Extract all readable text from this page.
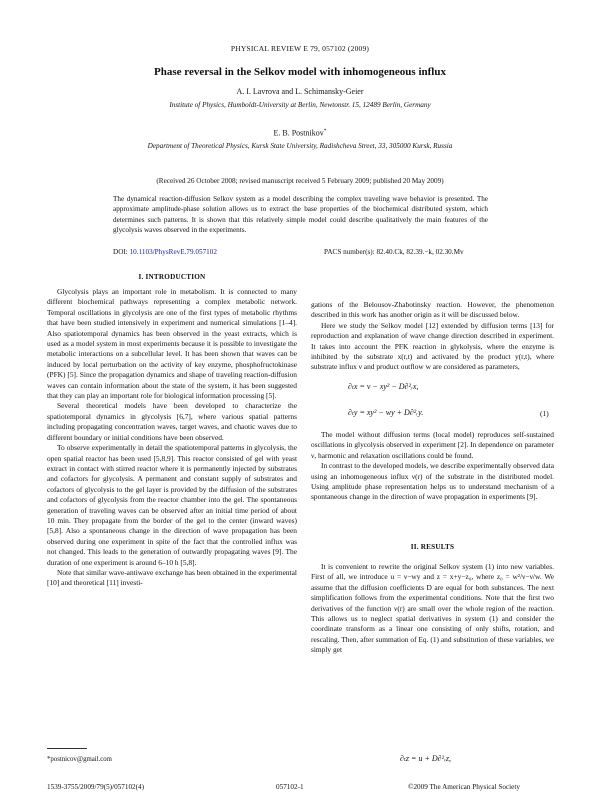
PHYSICAL REVIEW E 79, 057102 (2009)
Phase reversal in the Selkov model with inhomogeneous influx
A. I. Lavrova and L. Schimansky-Geier
Institute of Physics, Humboldt-University at Berlin, Newtonstr. 15, 12489 Berlin, Germany
E. B. Postnikov*
Department of Theoretical Physics, Kursk State University, Radishcheva Street, 33, 305000 Kursk, Russia
(Received 26 October 2008; revised manuscript received 5 February 2009; published 20 May 2009)
The dynamical reaction-diffusion Selkov system as a model describing the complex traveling wave behavior is presented. The approximate amplitude-phase solution allows us to extract the base properties of the biochemical distributed system, which determines such patterns. It is shown that this relatively simple model could describe qualitatively the main features of the glycolysis waves observed in the experiments.
DOI: 10.1103/PhysRevE.79.057102	PACS number(s): 82.40.Ck, 82.39.−k, 02.30.Mv
I. INTRODUCTION

Glycolysis plays an important role in metabolism. It is connected to many different biochemical pathways representing a complex metabolic network. Temporal oscillations in glycolysis are one of the first types of metabolic rhythms that have been studied intensively in experiment and numerical simulations [1–4]. Also spatiotemporal dynamics has been observed in the yeast extracts, which is used as a model system in most experiments because it is possible to investigate the metabolic interactions on a subcellular level. It has been shown that waves can be induced by local perturbation on the activity of key enzyme, phosphofructokinase (PFK) [5]. Since the propagation dynamics and shape of traveling reaction-diffusion waves can contain information about the state of the system, it has been suggested that they can play an important role for biological information processing [5].

Several theoretical models have been developed to characterize the spatiotemporal dynamics in glycolysis [6,7], where various spatial patterns including propagating concentration waves, target waves, and chaotic waves due to different boundary or initial conditions have been observed.

To observe experimentally in detail the spatiotemporal patterns in glycolysis, the open spatial reactor has been used [5,8,9]. This reactor consisted of gel with yeast extract in contact with stirred reactor where it is permanently injected by substrates and cofactors for glycolysis. A permanent and constant supply of substrates and cofactors of glycolysis to the gel layer is provided by the diffusion of the substrates and cofactors of glycolysis from the reactor chamber into the gel. The spontaneous generation of traveling waves can be observed after an initial time period of about 10 min. They propagate from the border of the gel to the center (inward waves) [5,8]. Also a spontaneous change in the direction of wave propagation has been observed during one experiment in spite of the fact that the controlled influx was not changed. This leads to the generation of outwardly propagating waves [9]. The duration of one experiment is around 6–10 h [5,8].

Note that similar wave-antiwave exchange has been obtained in the experimental [10] and theoretical [11] investi-

gations of the Belousov-Zhabotinsky reaction. However, the phenomenon described in this work has another origin as it will be discussed below.

Here we study the Selkov model [12] extended by diffusion terms [13] for reproduction and explanation of wave change direction described in experiment. It takes into account the PFK reaction in glykolysis, where the enzyme is inhibited by the substrate x(r,t) and activated by the product y(r,t), where substrate influx ν and product outflow w are considered as parameters,

∂ₜx = ν − xy² − D∂²ᵣx,
∂ₜy = xy² − wy + D∂²ᵣy.	(1)

The model without diffusion terms (local model) reproduces self-sustained oscillations in glycolysis observed in experiment [2]. In dependence on parameter ν, harmonic and relaxation oscillations could be found.

In contrast to the developed models, we describe experimentally observed data using an inhomogeneous influx ν(r) of the substrate in the distributed model. Using amplitude phase representation helps us to understand mechanism of a spontaneous change in the direction of wave propagation in experiments [9].

II. RESULTS

It is convenient to rewrite the original Selkov system (1) into new variables. First of all, we introduce u = ν−wy and z = x+y−z₀, where z₀ = w²/ν−ν/w. We assume that the diffusion coefficients D are equal for both substances. The next simplification follows from the experimental conditions. Note that the first two derivatives of the function ν(r) are small over the whole region of the reaction. This allows us to neglect spatial derivatives in system (1) and consider the coordinate transform as a linear one consisting of only shifts, rotation, and rescaling. Then, after summation of Eq. (1) and substitution of these variables, we simply get

∂ₜz = u + D∂²ᵣz,
*postnicov@gmail.com
1539-3755/2009/79(5)/057102(4)	057102-1	©2009 The American Physical Society
